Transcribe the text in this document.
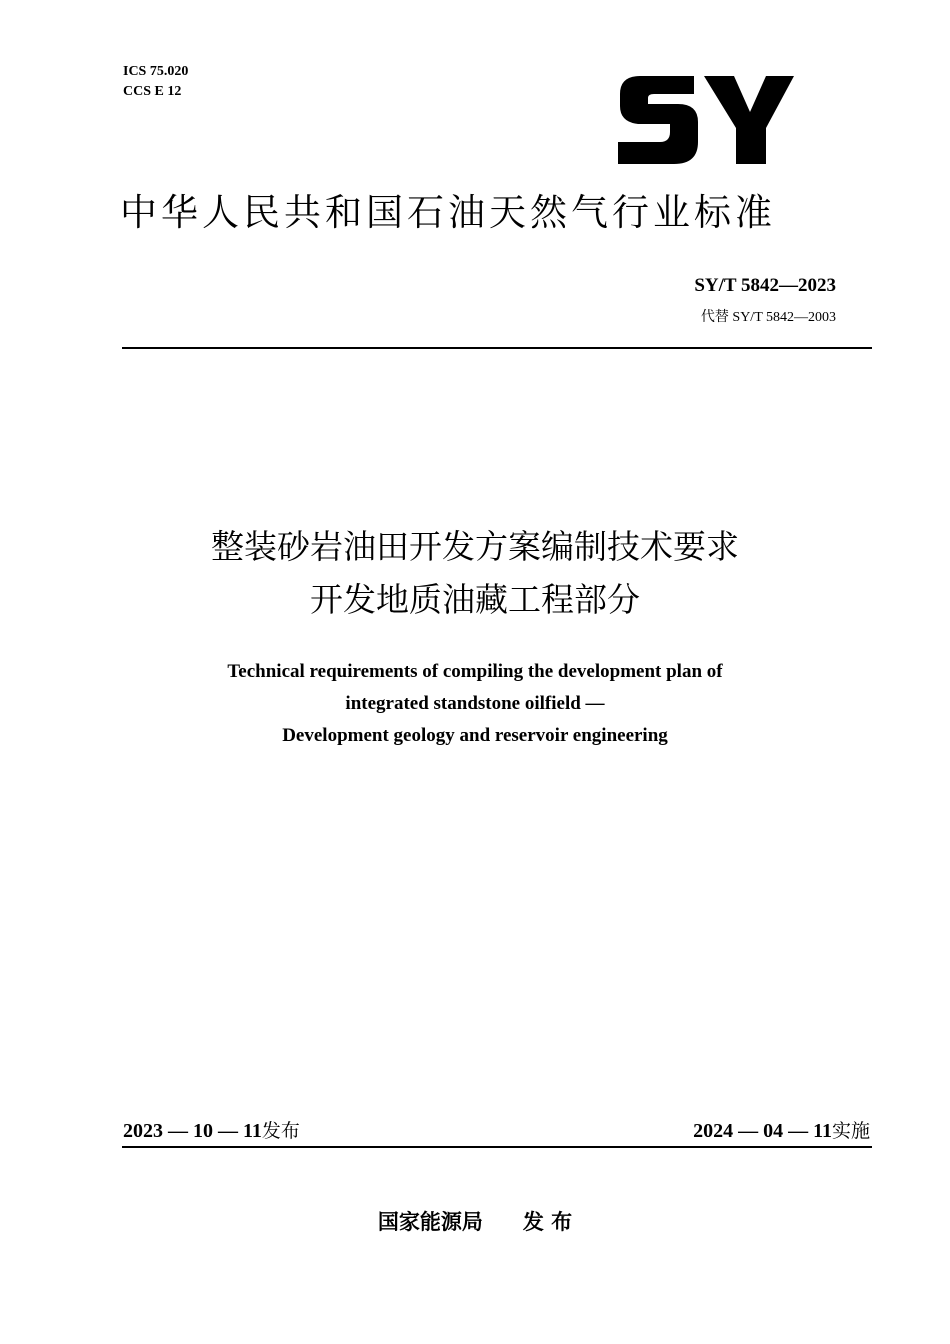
ICS 75.020
CCS E 12
中华人民共和国石油天然气行业标准
SY/T 5842—2023
代替 SY/T 5842—2003
整装砂岩油田开发方案编制技术要求
开发地质油藏工程部分
Technical requirements of compiling the development plan of
integrated standstone oilfield —
Development geology and reservoir engineering
2023 — 10 — 11发布	2024 — 04 — 11实施
国家能源局 发 布
